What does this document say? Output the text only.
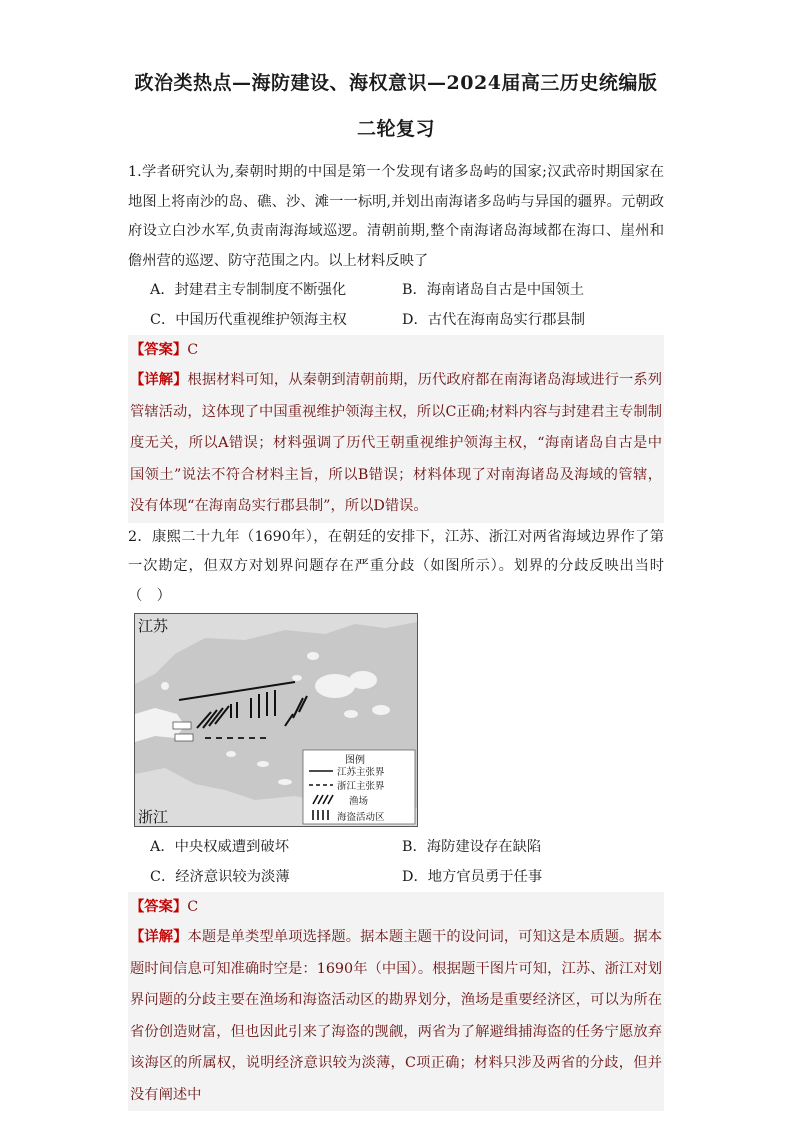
政治类热点—海防建设、海权意识—2024届高三历史统编版

二轮复习

1.学者研究认为,秦朝时期的中国是第一个发现有诸多岛屿的国家;汉武帝时期国家在地图上将南沙的岛、礁、沙、滩一一标明,并划出南海诸多岛屿与异国的疆界。元朝政府设立白沙水军,负责南海海域巡逻。清朝前期,整个南海诸岛海域都在海口、崖州和儋州营的巡逻、防守范围之内。以上材料反映了

A．封建君主专制制度不断强化	B．海南诸岛自古是中国领土
C．中国历代重视维护领海主权	D．古代在海南岛实行郡县制

【答案】C

【详解】根据材料可知，从秦朝到清朝前期，历代政府都在南海诸岛海域进行一系列管辖活动，这体现了中国重视维护领海主权，所以C正确;材料内容与封建君主专制制度无关，所以A错误；材料强调了历代王朝重视维护领海主权，“海南诸岛自古是中国领土”说法不符合材料主旨，所以B错误；材料体现了对南海诸岛及海域的管辖，没有体现“在海南岛实行郡县制”，所以D错误。

2．康熙二十九年（1690年），在朝廷的安排下，江苏、浙江对两省海域边界作了第一次勘定，但双方对划界问题存在严重分歧（如图所示）。划界的分歧反映出当时（　）

江苏
浙江
图例
江苏主张界
浙江主张界
渔场
海盗活动区
A．中央权威遭到破坏	B．海防建设存在缺陷
C．经济意识较为淡薄	D．地方官员勇于任事

【答案】C

【详解】本题是单类型单项选择题。据本题主题干的设问词，可知这是本质题。据本题时间信息可知准确时空是：1690年（中国）。根据题干图片可知，江苏、浙江对划界问题的分歧主要在渔场和海盗活动区的勘界划分，渔场是重要经济区，可以为所在省份创造财富，但也因此引来了海盗的觊觎，两省为了解避缉捕海盗的任务宁愿放弃该海区的所属权，说明经济意识较为淡薄，C项正确；材料只涉及两省的分歧，但并没有阐述中
